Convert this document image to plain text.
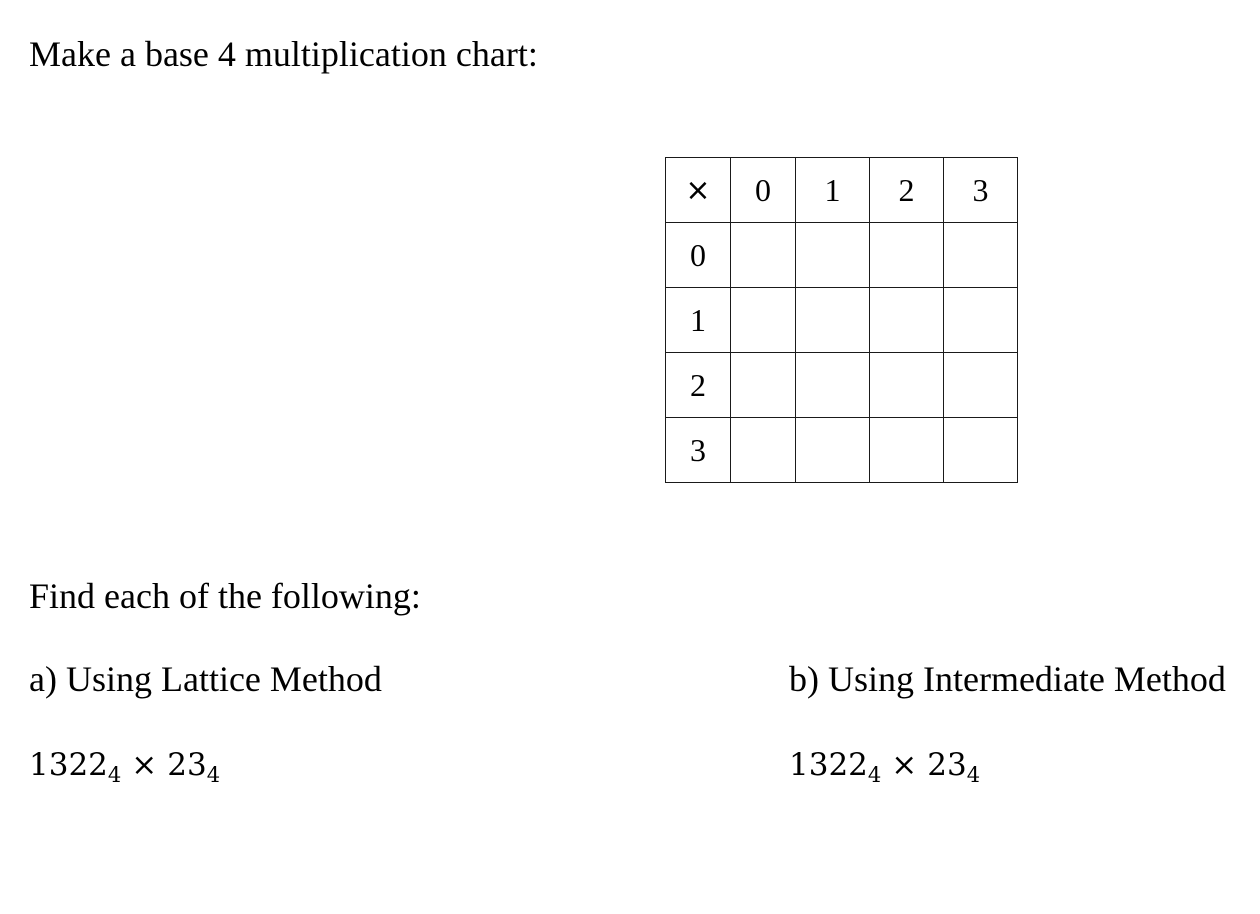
Make a base 4 multiplication chart:
×	0	1	2	3
0				
1				
2				
3				
Find each of the following:
a) Using Lattice Method	b) Using Intermediate Method
$1322_4 \times 23_4$	$1322_4 \times 23_4$
